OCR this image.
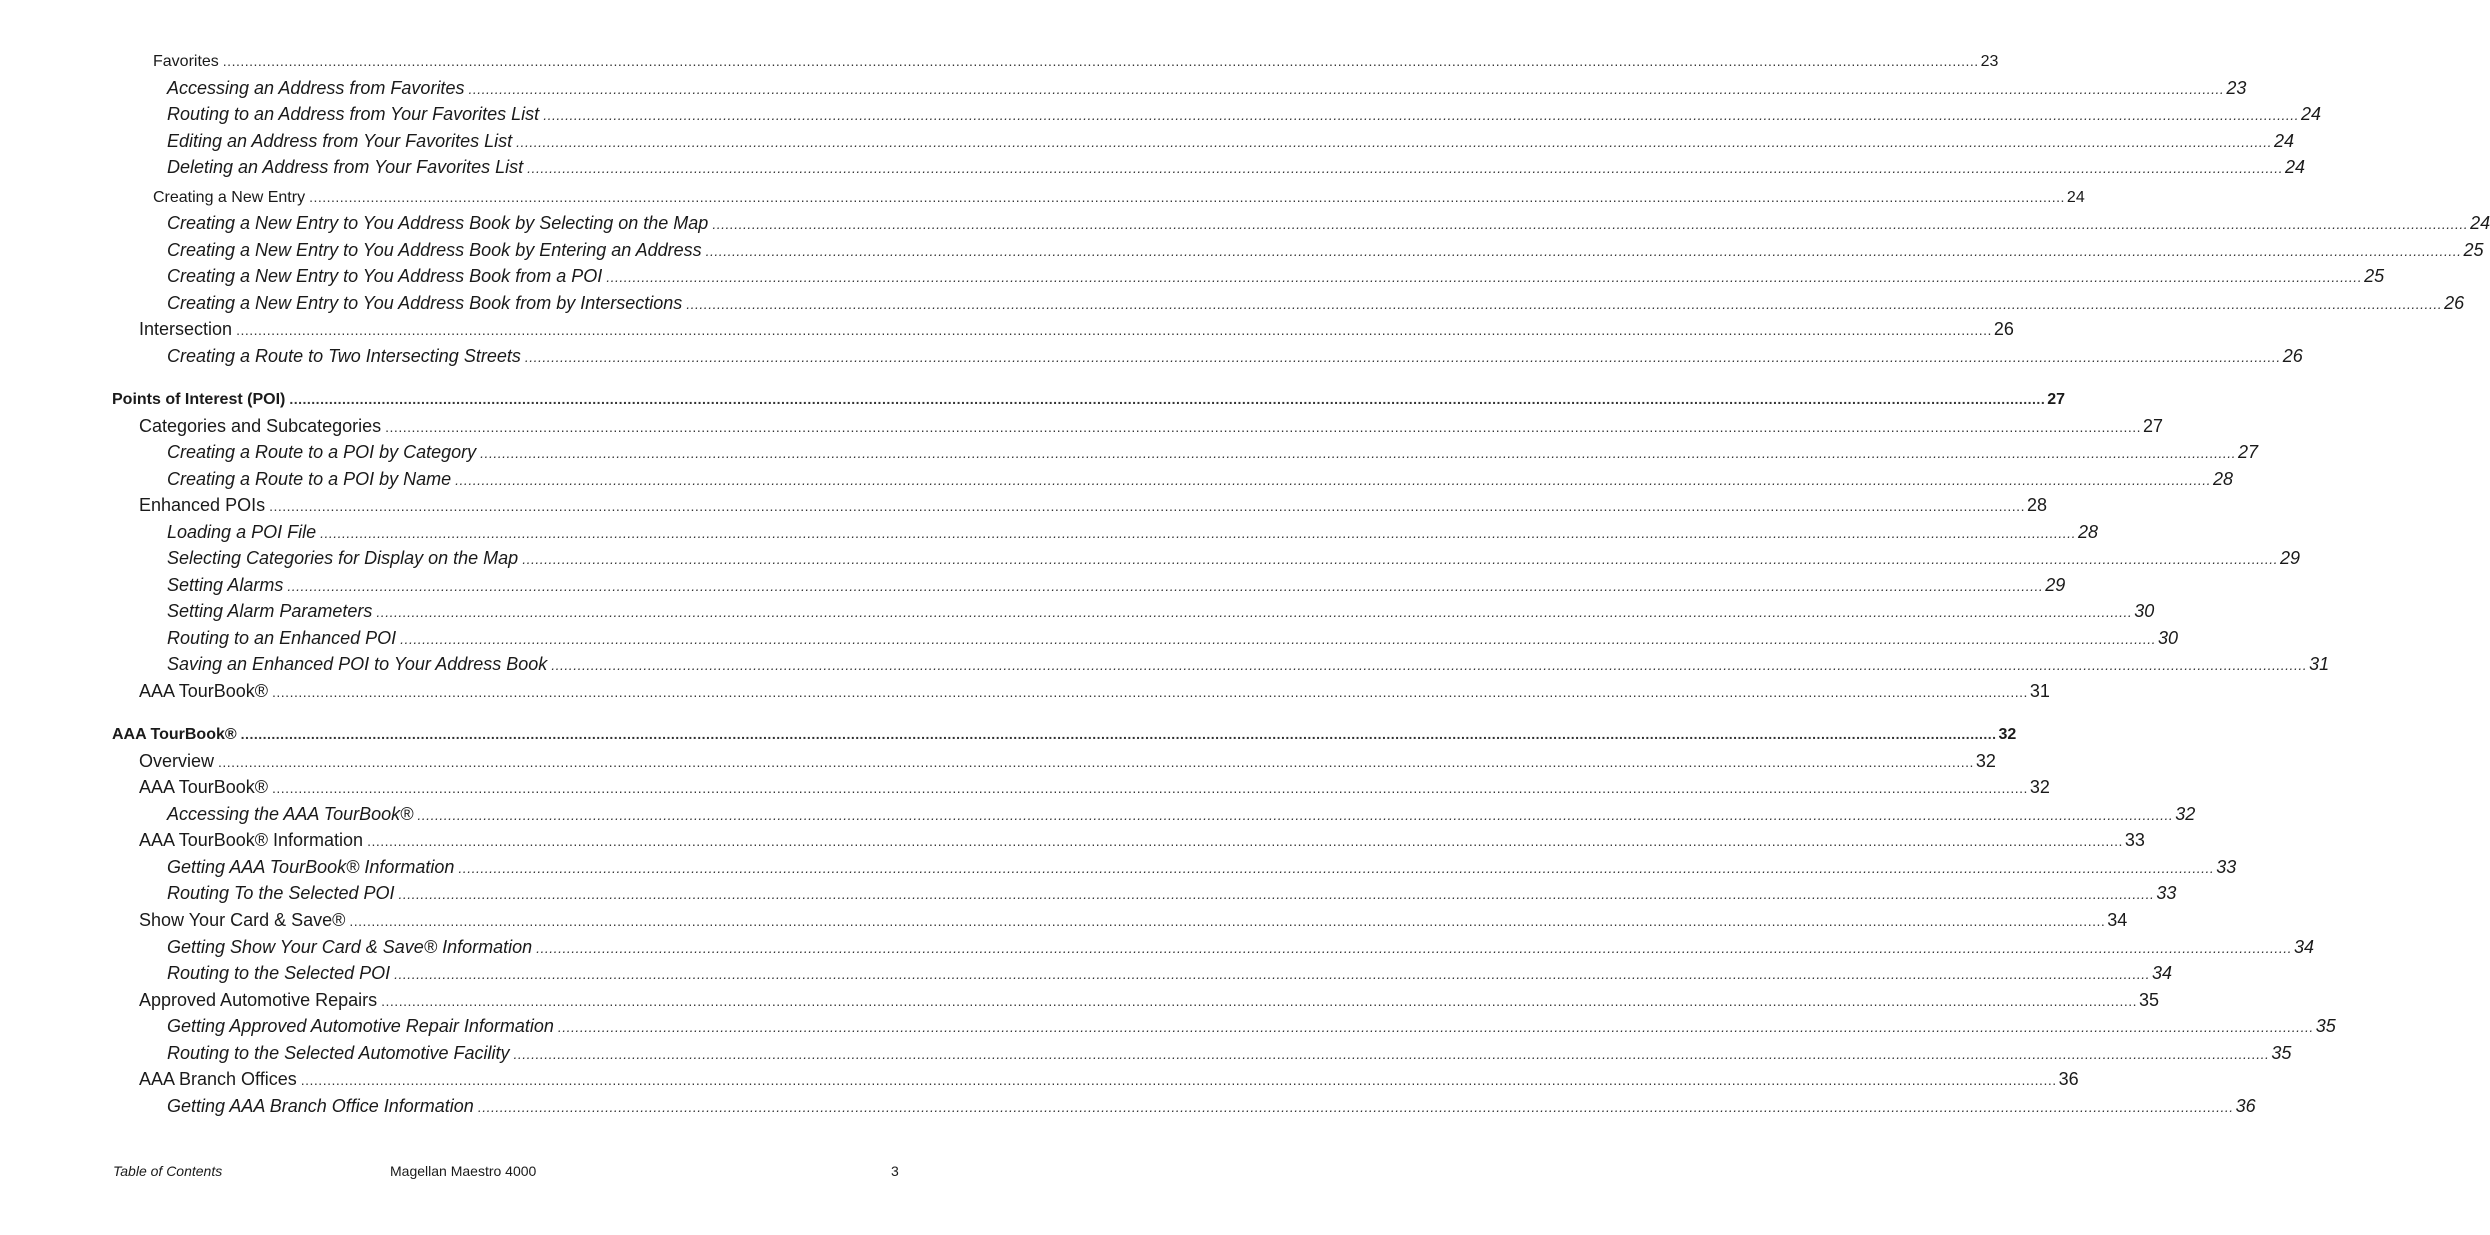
Favorites ................................................................................................................................................................................................................................................................................................................................................................................................................ 23
Accessing an Address from Favorites ................................................................................................................................................................................................................................................................................................................................................................................................................ 23
Routing to an Address from Your Favorites List ................................................................................................................................................................................................................................................................................................................................................................................................................ 24
Editing an Address from Your Favorites List ................................................................................................................................................................................................................................................................................................................................................................................................................ 24
Deleting an Address from Your Favorites List ................................................................................................................................................................................................................................................................................................................................................................................................................ 24
Creating a New Entry ................................................................................................................................................................................................................................................................................................................................................................................................................ 24
Creating a New Entry to You Address Book by Selecting on the Map ................................................................................................................................................................................................................................................................................................................................................................................................................ 24
Creating a New Entry to You Address Book by Entering an Address ................................................................................................................................................................................................................................................................................................................................................................................................................ 25
Creating a New Entry to You Address Book from a POI ................................................................................................................................................................................................................................................................................................................................................................................................................ 25
Creating a New Entry to You Address Book from by Intersections ................................................................................................................................................................................................................................................................................................................................................................................................................ 26
Intersection ................................................................................................................................................................................................................................................................................................................................................................................................................ 26
Creating a Route to Two Intersecting Streets ................................................................................................................................................................................................................................................................................................................................................................................................................ 26
Points of Interest (POI) ................................................................................................................................................................................................................................................................................................................................................................................................................ 27
Categories and Subcategories ................................................................................................................................................................................................................................................................................................................................................................................................................ 27
Creating a Route to a POI by Category ................................................................................................................................................................................................................................................................................................................................................................................................................ 27
Creating a Route to a POI by Name ................................................................................................................................................................................................................................................................................................................................................................................................................ 28
Enhanced POIs ................................................................................................................................................................................................................................................................................................................................................................................................................ 28
Loading a POI File ................................................................................................................................................................................................................................................................................................................................................................................................................ 28
Selecting Categories for Display on the Map ................................................................................................................................................................................................................................................................................................................................................................................................................ 29
Setting Alarms ................................................................................................................................................................................................................................................................................................................................................................................................................ 29
Setting Alarm Parameters ................................................................................................................................................................................................................................................................................................................................................................................................................ 30
Routing to an Enhanced POI ................................................................................................................................................................................................................................................................................................................................................................................................................ 30
Saving an Enhanced POI to Your Address Book ................................................................................................................................................................................................................................................................................................................................................................................................................ 31
AAA TourBook® ................................................................................................................................................................................................................................................................................................................................................................................................................ 31
AAA TourBook® ................................................................................................................................................................................................................................................................................................................................................................................................................ 32
Overview ................................................................................................................................................................................................................................................................................................................................................................................................................ 32
AAA TourBook® ................................................................................................................................................................................................................................................................................................................................................................................................................ 32
Accessing the AAA TourBook® ................................................................................................................................................................................................................................................................................................................................................................................................................ 32
AAA TourBook® Information ................................................................................................................................................................................................................................................................................................................................................................................................................ 33
Getting AAA TourBook® Information ................................................................................................................................................................................................................................................................................................................................................................................................................ 33
Routing To the Selected POI ................................................................................................................................................................................................................................................................................................................................................................................................................ 33
Show Your Card & Save® ................................................................................................................................................................................................................................................................................................................................................................................................................ 34
Getting Show Your Card & Save® Information ................................................................................................................................................................................................................................................................................................................................................................................................................ 34
Routing to the Selected POI ................................................................................................................................................................................................................................................................................................................................................................................................................ 34
Approved Automotive Repairs ................................................................................................................................................................................................................................................................................................................................................................................................................ 35
Getting Approved Automotive Repair Information ................................................................................................................................................................................................................................................................................................................................................................................................................ 35
Routing to the Selected Automotive Facility ................................................................................................................................................................................................................................................................................................................................................................................................................ 35
AAA Branch Offices ................................................................................................................................................................................................................................................................................................................................................................................................................ 36
Getting AAA Branch Office Information ................................................................................................................................................................................................................................................................................................................................................................................................................ 36
Table of Contents	Magellan Maestro 4000	3
